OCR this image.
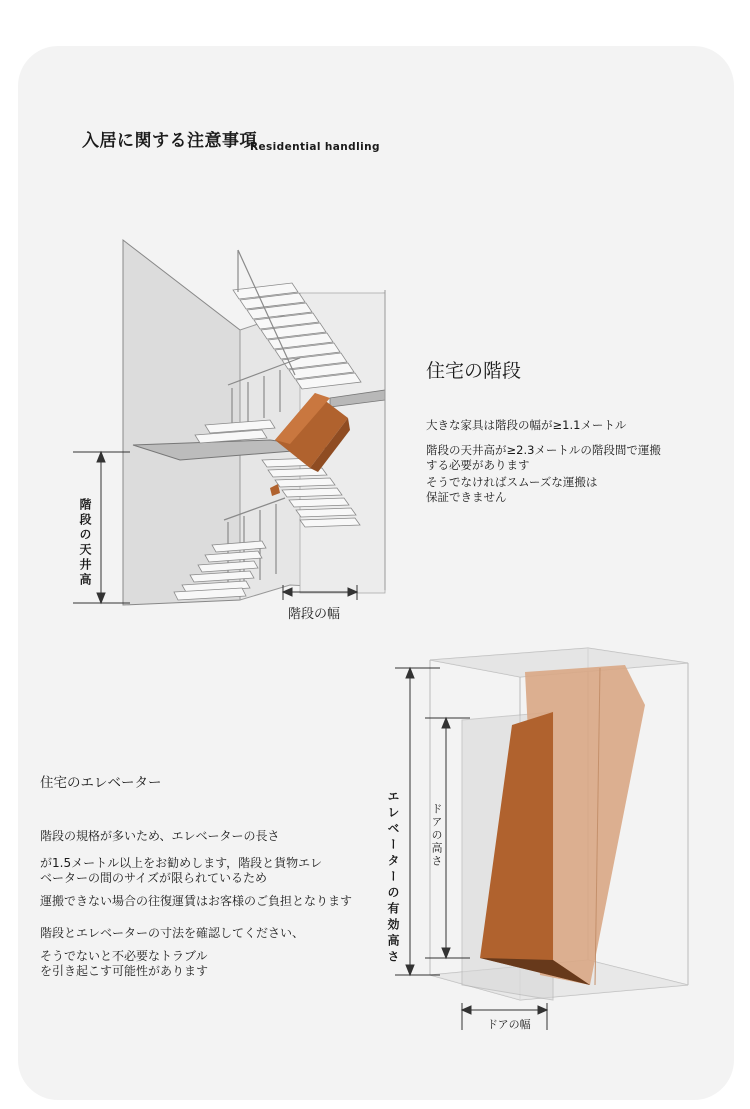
入居に関する注意事項
Residential handling
階段の天井高
階段の幅
住宅の階段
大きな家具は階段の幅が≥1.1メートル
階段の天井高が≥2.3メートルの階段間で運搬
する必要があります
そうでなければスムーズな運搬は
保証できません
エレベーターの有効高さ	ドアの高さ
ドアの幅
住宅のエレベーター
階段の規格が多いため、エレベーターの長さ
が1.5メートル以上をお勧めします，階段と貨物エレ
ベーターの間のサイズが限られているため
運搬できない場合の往復運賃はお客様のご負担となります
階段とエレベーターの寸法を確認してください、
そうでないと不必要なトラブル
を引き起こす可能性があります
